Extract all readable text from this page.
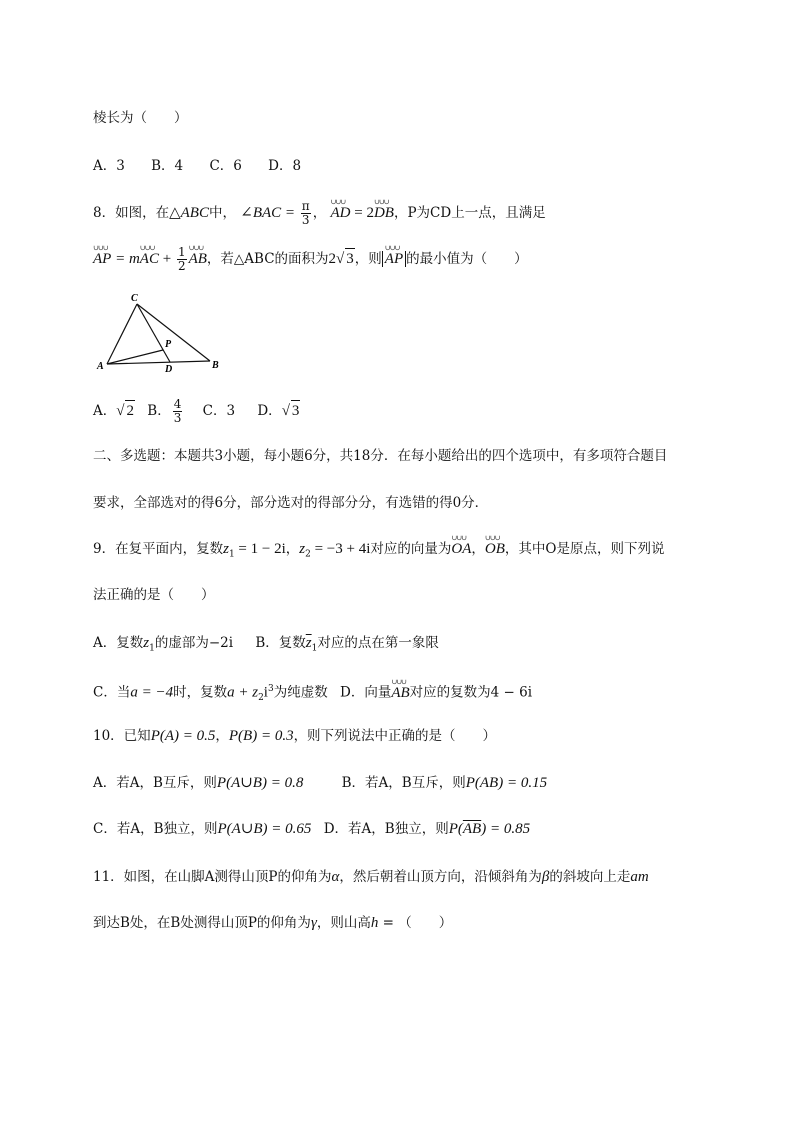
棱长为（　　）
A．3 B．4 C．6 D．8
8．如图，在△ABC中， ∠BAC = $\frac{\pi}{3}$ ， ∪∪∪ AD = 2∪∪∪ DB，P为CD上一点，且满足
∪∪∪ AP = m∪∪∪ AC + $\frac{1}{2}$ ∪∪∪ AB，若△ABC的面积为2√ 3，则 ∪∪∪ AP 的最小值为（　　）
C
P
A	D	B
A．√ 2 B． $\frac{4}{3}$ C．3 D．√ 3
二、多选题：本题共3小题，每小题6分，共18分．在每小题给出的四个选项中，有多项符合题目
要求，全部选对的得6分，部分选对的得部分分，有选错的得0分．
9．在复平面内，复数$z_1 = 1 - 2i$，$z_2 = -3 + 4i$对应的向量为∪∪∪ OA，∪∪∪ OB，其中O是原点，则下列说
法正确的是（　　）
A．复数$z_1$的虚部为−2i B．复数$\overline{z}_1$对应的点在第一象限
C．当a = −4时，复数$a + z_2i^3$为纯虚数 D．向量∪∪∪ AB对应的复数为4 − 6i
10．已知P(A) = 0.5，P(B) = 0.3，则下列说法中正确的是（　　）
A．若A，B互斥，则P(A∪B) = 0.8	B．若A，B互斥，则P(AB) = 0.15
C．若A，B独立，则P(A∪B) = 0.65 D．若A，B独立，则$P(\overline{AB}) = 0.85$
11．如图，在山脚A测得山顶P的仰角为α，然后朝着山顶方向，沿倾斜角为β的斜坡向上走am
到达B处，在B处测得山顶P的仰角为γ，则山高h = （　　）
